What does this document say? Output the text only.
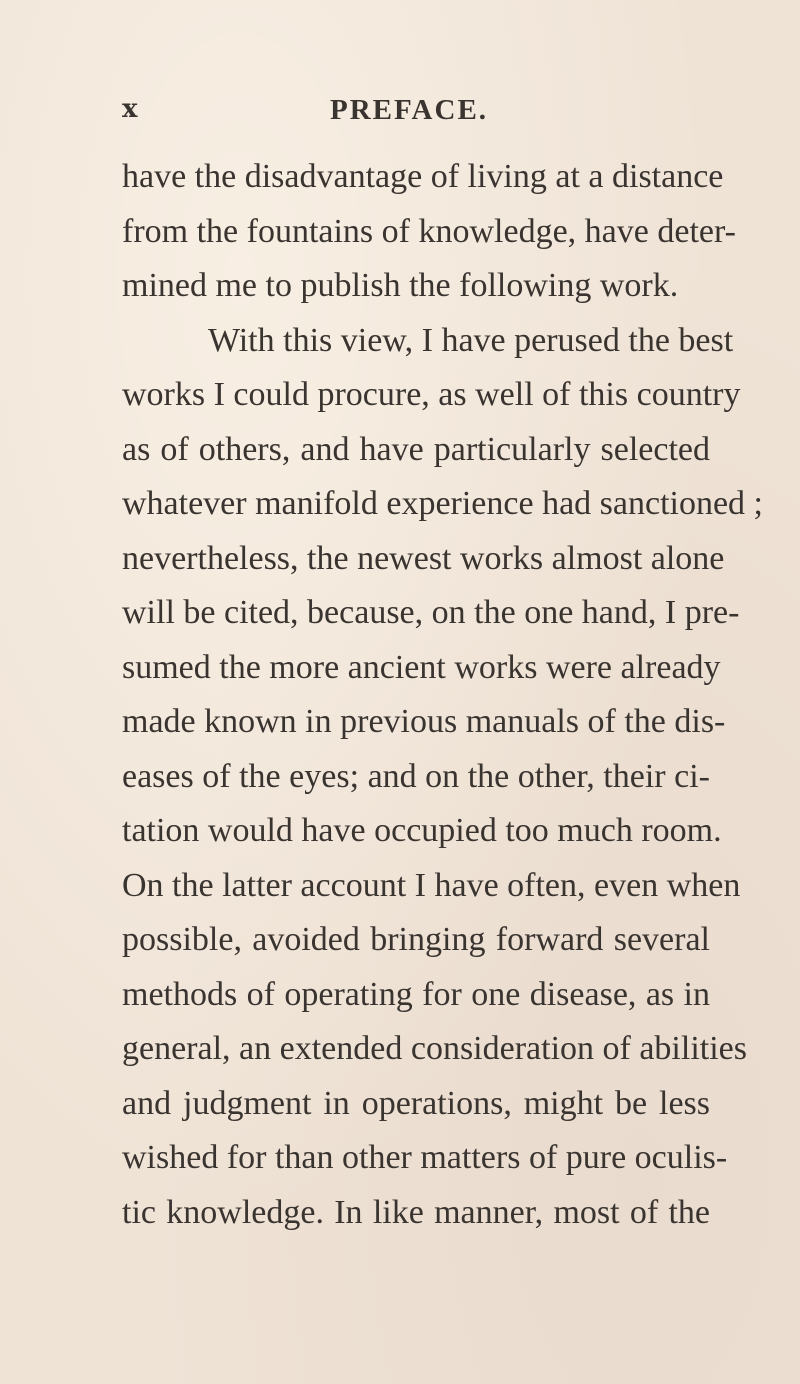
x	PREFACE.
have the disadvantage of living at a distance
from the fountains of knowledge, have deter-
mined me to publish the following work.
With this view, I have perused the best
works I could procure, as well of this country
as of others, and have particularly selected
whatever manifold experience had sanctioned ;
nevertheless, the newest works almost alone
will be cited, because, on the one hand, I pre-
sumed the more ancient works were already
made known in previous manuals of the dis-
eases of the eyes; and on the other, their ci-
tation would have occupied too much room.
On the latter account I have often, even when
possible, avoided bringing forward several
methods of operating for one disease, as in
general, an extended consideration of abilities
and judgment in operations, might be less
wished for than other matters of pure oculis-
tic knowledge. In like manner, most of the
